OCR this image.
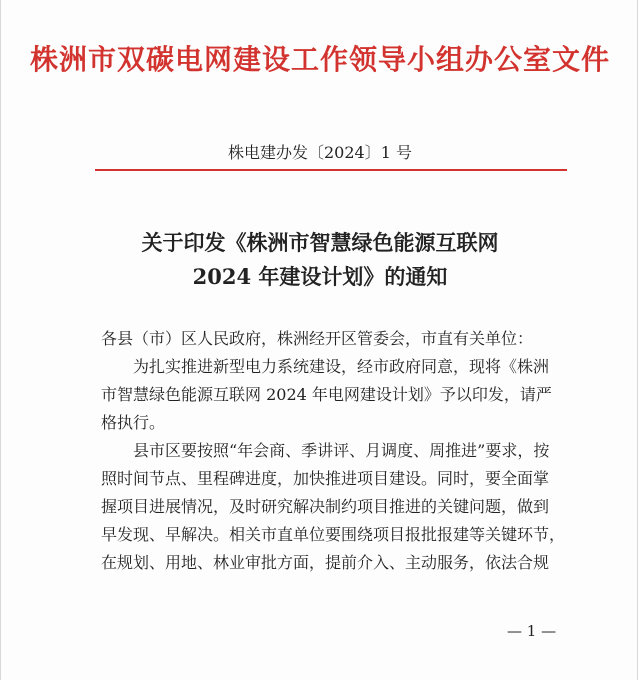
株洲市双碳电网建设工作领导小组办公室文件
株电建办发〔2024〕1 号
关于印发《株洲市智慧绿色能源互联网
2024 年建设计划》的通知
各县（市）区人民政府，株洲经开区管委会，市直有关单位：
为扎实推进新型电力系统建设，经市政府同意，现将《株洲
市智慧绿色能源互联网 2024 年电网建设计划》予以印发，请严
格执行。
县市区要按照“年会商、季讲评、月调度、周推进”要求，按
照时间节点、里程碑进度，加快推进项目建设。同时，要全面掌
握项目进展情况，及时研究解决制约项目推进的关键问题，做到
早发现、早解决。相关市直单位要围绕项目报批报建等关键环节，
在规划、用地、林业审批方面，提前介入、主动服务，依法合规
— 1 —
